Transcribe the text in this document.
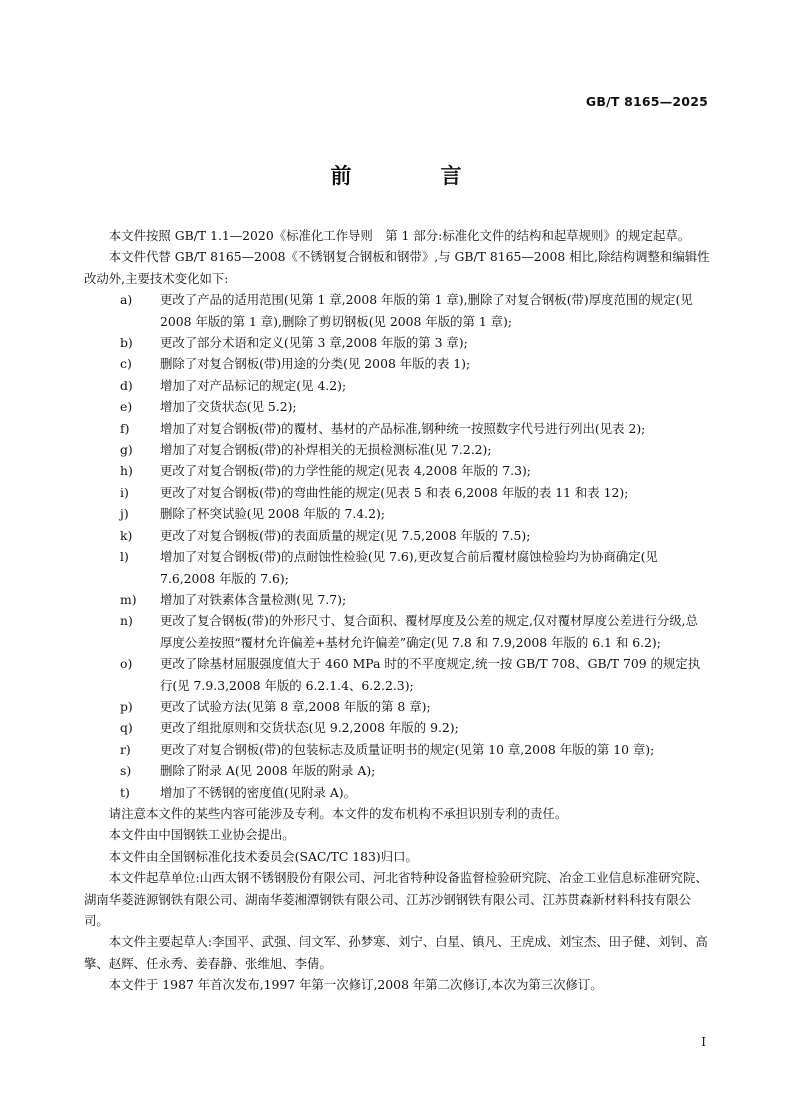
GB/T 8165—2025
前　言

本文件按照 GB/T 1.1—2020《标准化工作导则　第 1 部分:标准化文件的结构和起草规则》的规定起草。

本文件代替 GB/T 8165—2008《不锈钢复合钢板和钢带》,与 GB/T 8165—2008 相比,除结构调整和编辑性改动外,主要技术变化如下:

a)	更改了产品的适用范围(见第 1 章,2008 年版的第 1 章),删除了对复合钢板(带)厚度范围的规定(见 2008 年版的第 1 章),删除了剪切钢板(见 2008 年版的第 1 章);
b)	更改了部分术语和定义(见第 3 章,2008 年版的第 3 章);
c)	删除了对复合钢板(带)用途的分类(见 2008 年版的表 1);
d)	增加了对产品标记的规定(见 4.2);
e)	增加了交货状态(见 5.2);
f)	增加了对复合钢板(带)的覆材、基材的产品标准,钢种统一按照数字代号进行列出(见表 2);
g)	增加了对复合钢板(带)的补焊相关的无损检测标准(见 7.2.2);
h)	更改了对复合钢板(带)的力学性能的规定(见表 4,2008 年版的 7.3);
i)	更改了对复合钢板(带)的弯曲性能的规定(见表 5 和表 6,2008 年版的表 11 和表 12);
j)	删除了杯突试验(见 2008 年版的 7.4.2);
k)	更改了对复合钢板(带)的表面质量的规定(见 7.5,2008 年版的 7.5);
l)	增加了对复合钢板(带)的点耐蚀性检验(见 7.6),更改复合前后覆材腐蚀检验均为协商确定(见 7.6,2008 年版的 7.6);
m)	增加了对铁素体含量检测(见 7.7);
n)	更改了复合钢板(带)的外形尺寸、复合面积、覆材厚度及公差的规定,仅对覆材厚度公差进行分级,总厚度公差按照“覆材允许偏差+基材允许偏差”确定(见 7.8 和 7.9,2008 年版的 6.1 和 6.2);
o)	更改了除基材屈服强度值大于 460 MPa 时的不平度规定,统一按 GB/T 708、GB/T 709 的规定执行(见 7.9.3,2008 年版的 6.2.1.4、6.2.2.3);
p)	更改了试验方法(见第 8 章,2008 年版的第 8 章);
q)	更改了组批原则和交货状态(见 9.2,2008 年版的 9.2);
r)	更改了对复合钢板(带)的包装标志及质量证明书的规定(见第 10 章,2008 年版的第 10 章);
s)	删除了附录 A(见 2008 年版的附录 A);
t)	增加了不锈钢的密度值(见附录 A)。

请注意本文件的某些内容可能涉及专利。本文件的发布机构不承担识别专利的责任。

本文件由中国钢铁工业协会提出。

本文件由全国钢标准化技术委员会(SAC/TC 183)归口。

本文件起草单位:山西太钢不锈钢股份有限公司、河北省特种设备监督检验研究院、冶金工业信息标准研究院、湖南华菱涟源钢铁有限公司、湖南华菱湘潭钢铁有限公司、江苏沙钢钢铁有限公司、江苏贯森新材料科技有限公司。

本文件主要起草人:李国平、武强、闫文军、孙梦寒、刘宁、白星、镇凡、王虎成、刘宝杰、田子健、刘钊、高擎、赵辉、任永秀、姜春静、张维旭、李倩。

本文件于 1987 年首次发布,1997 年第一次修订,2008 年第二次修订,本次为第三次修订。

I
